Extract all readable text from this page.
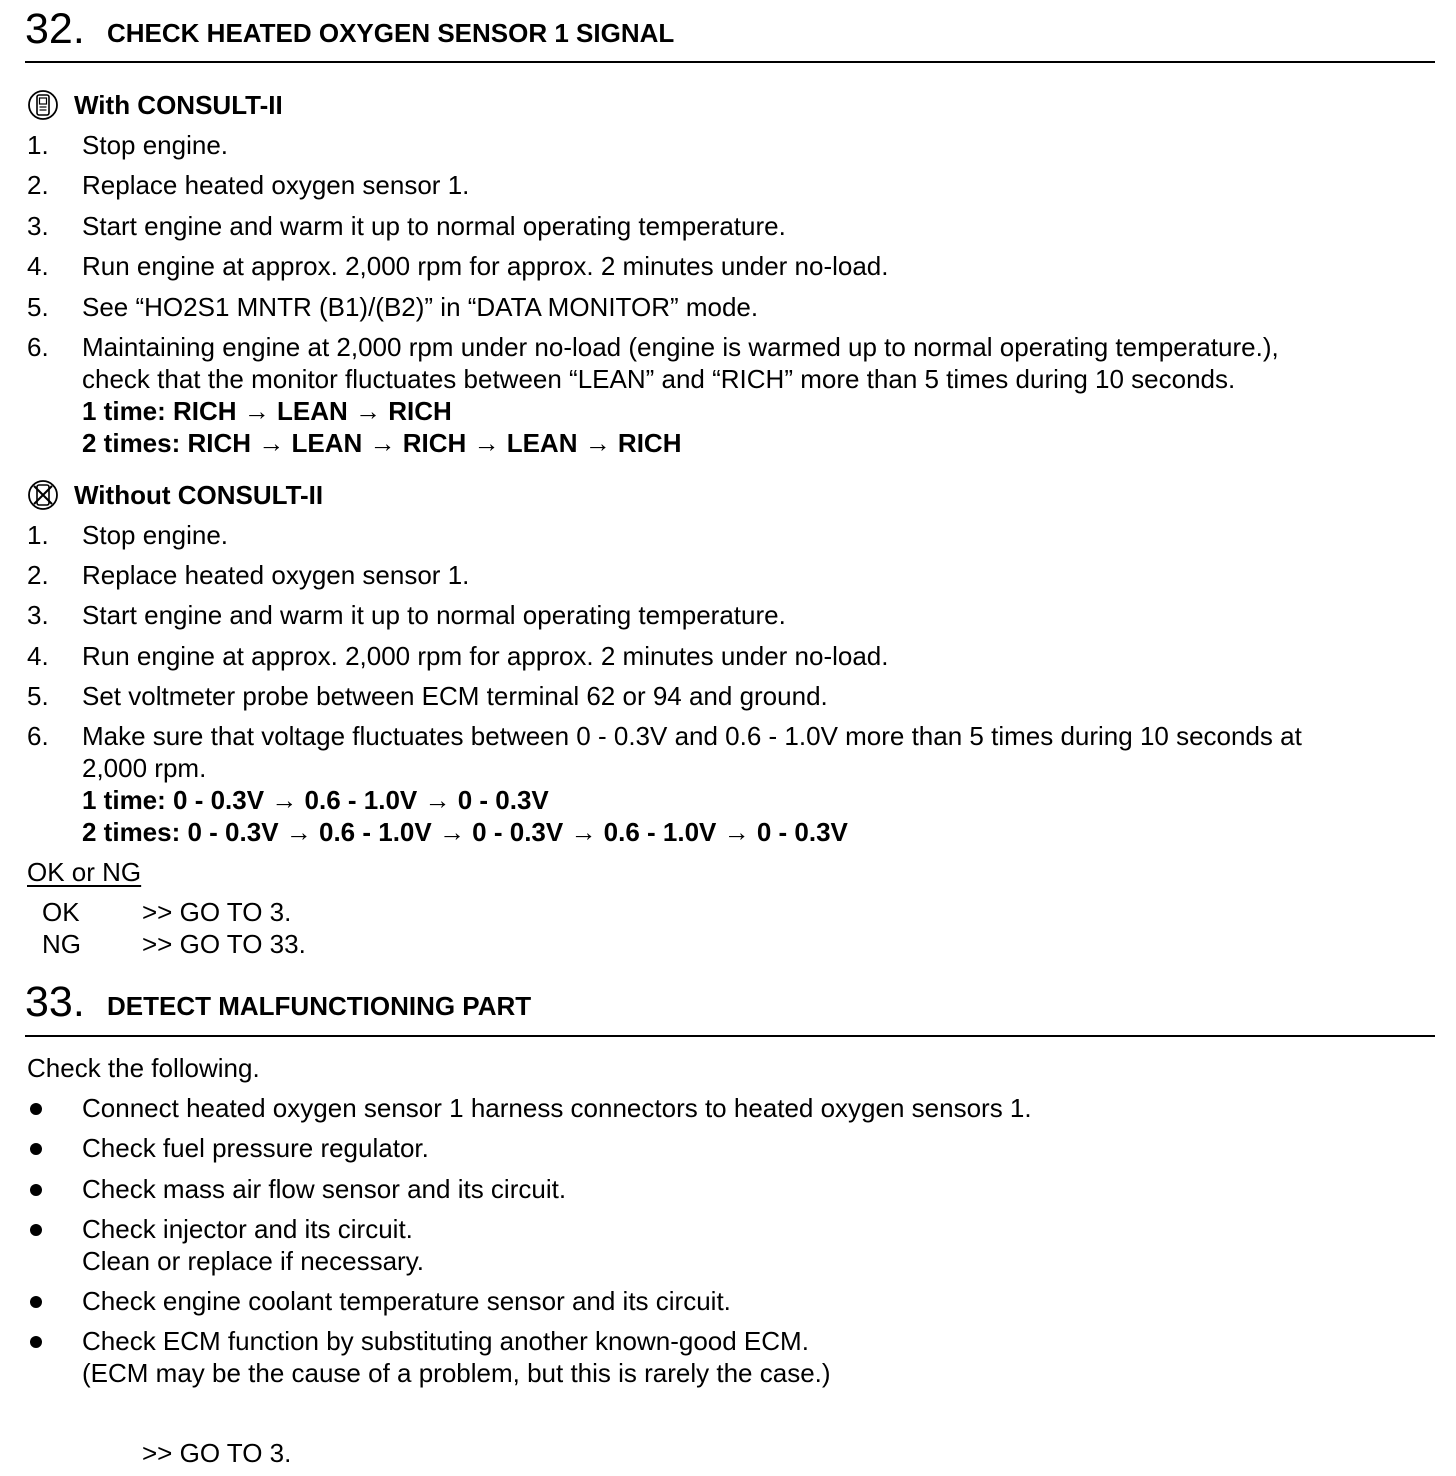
32. CHECK HEATED OXYGEN SENSOR 1 SIGNAL
With CONSULT-II
1. Stop engine.
2. Replace heated oxygen sensor 1.
3. Start engine and warm it up to normal operating temperature.
4. Run engine at approx. 2,000 rpm for approx. 2 minutes under no-load.
5. See “HO2S1 MNTR (B1)/(B2)” in “DATA MONITOR” mode.
6. Maintaining engine at 2,000 rpm under no-load (engine is warmed up to normal operating temperature.),
check that the monitor fluctuates between “LEAN” and “RICH” more than 5 times during 10 seconds.
1 time: RICH → LEAN → RICH
2 times: RICH → LEAN → RICH → LEAN → RICH
Without CONSULT-II
1. Stop engine.
2. Replace heated oxygen sensor 1.
3. Start engine and warm it up to normal operating temperature.
4. Run engine at approx. 2,000 rpm for approx. 2 minutes under no-load.
5. Set voltmeter probe between ECM terminal 62 or 94 and ground.
6. Make sure that voltage fluctuates between 0 - 0.3V and 0.6 - 1.0V more than 5 times during 10 seconds at
2,000 rpm.
1 time: 0 - 0.3V → 0.6 - 1.0V → 0 - 0.3V
2 times: 0 - 0.3V → 0.6 - 1.0V → 0 - 0.3V → 0.6 - 1.0V → 0 - 0.3V
OK or NG
OK >> GO TO 3.
NG >> GO TO 33.
33. DETECT MALFUNCTIONING PART
Check the following.
Connect heated oxygen sensor 1 harness connectors to heated oxygen sensors 1.
Check fuel pressure regulator.
Check mass air flow sensor and its circuit.
Check injector and its circuit.
Clean or replace if necessary.
Check engine coolant temperature sensor and its circuit.
Check ECM function by substituting another known-good ECM.
(ECM may be the cause of a problem, but this is rarely the case.)
>> GO TO 3.
